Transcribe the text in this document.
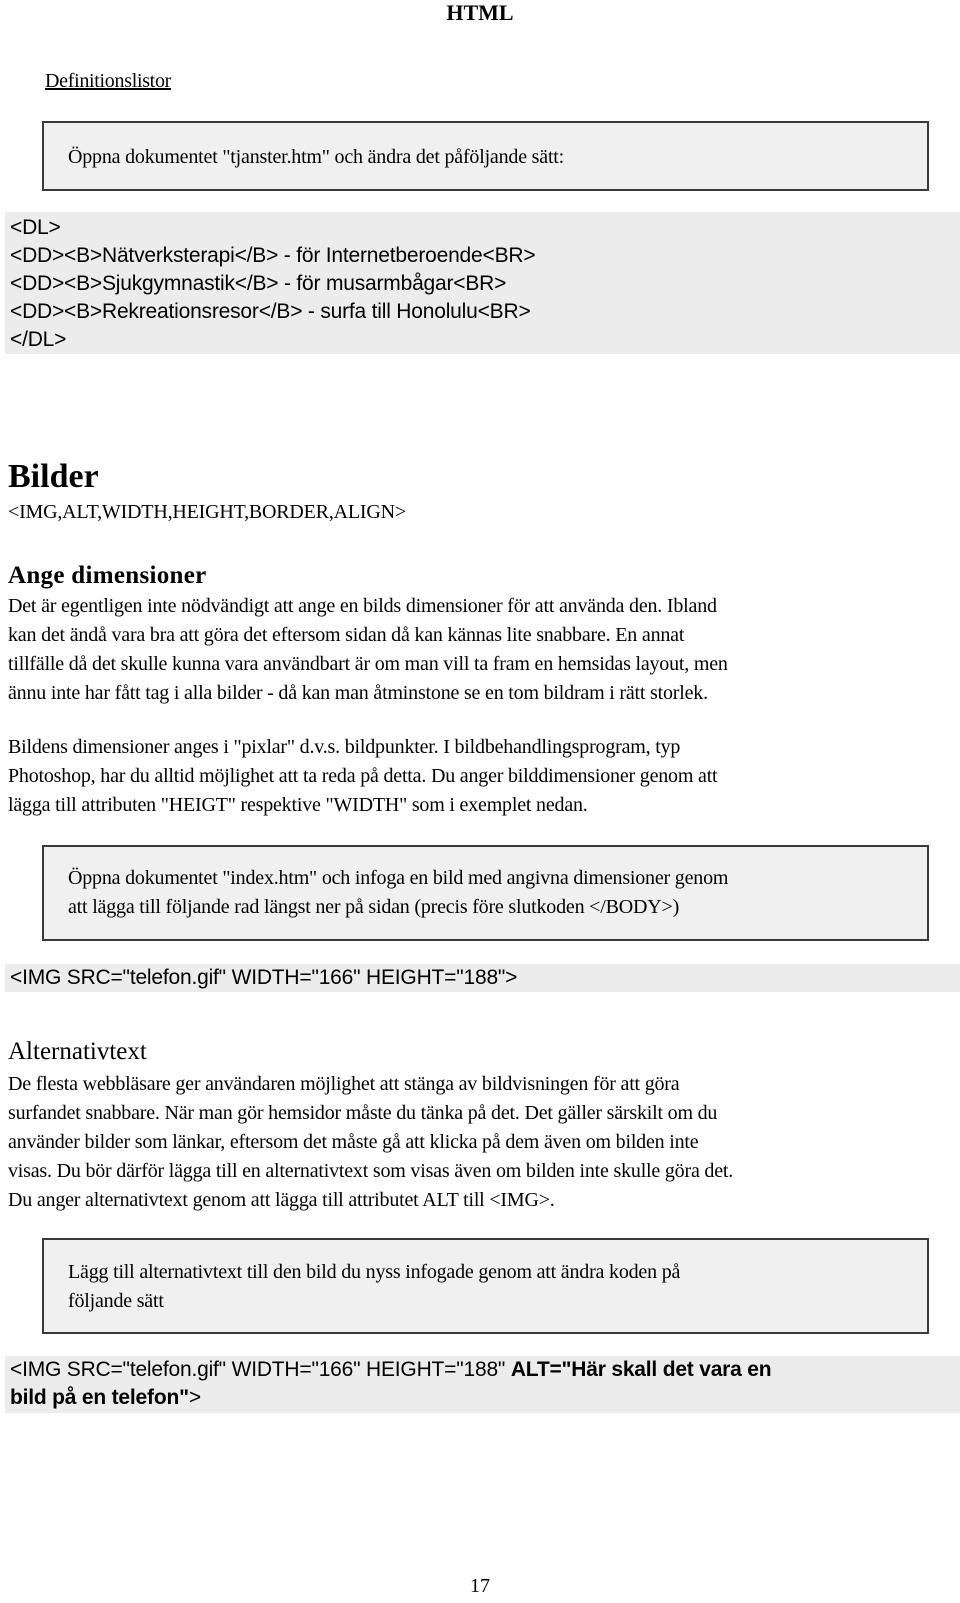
HTML
Definitionslistor
Öppna dokumentet "tjanster.htm" och ändra det påföljande sätt:
<DL>
<DD><B>Nätverksterapi</B> - för Internetberoende<BR>
<DD><B>Sjukgymnastik</B> - för musarmbågar<BR>
<DD><B>Rekreationsresor</B> - surfa till Honolulu<BR>
</DL>
Bilder
<IMG,ALT,WIDTH,HEIGHT,BORDER,ALIGN>
Ange dimensioner
Det är egentligen inte nödvändigt att ange en bilds dimensioner för att använda den. Ibland
kan det ändå vara bra att göra det eftersom sidan då kan kännas lite snabbare. En annat
tillfälle då det skulle kunna vara användbart är om man vill ta fram en hemsidas layout, men
ännu inte har fått tag i alla bilder - då kan man åtminstone se en tom bildram i rätt storlek.
Bildens dimensioner anges i "pixlar" d.v.s. bildpunkter. I bildbehandlingsprogram, typ
Photoshop, har du alltid möjlighet att ta reda på detta. Du anger bilddimensioner genom att
lägga till attributen "HEIGT" respektive "WIDTH" som i exemplet nedan.
Öppna dokumentet "index.htm" och infoga en bild med angivna dimensioner genom
att lägga till följande rad längst ner på sidan (precis före slutkoden </BODY>)
<IMG SRC="telefon.gif" WIDTH="166" HEIGHT="188">
Alternativtext
De flesta webbläsare ger användaren möjlighet att stänga av bildvisningen för att göra
surfandet snabbare. När man gör hemsidor måste du tänka på det. Det gäller särskilt om du
använder bilder som länkar, eftersom det måste gå att klicka på dem även om bilden inte
visas. Du bör därför lägga till en alternativtext som visas även om bilden inte skulle göra det.
Du anger alternativtext genom att lägga till attributet ALT till <IMG>.
Lägg till alternativtext till den bild du nyss infogade genom att ändra koden på
följande sätt
<IMG SRC="telefon.gif" WIDTH="166" HEIGHT="188" ALT="Här skall det vara en
bild på en telefon">
17
